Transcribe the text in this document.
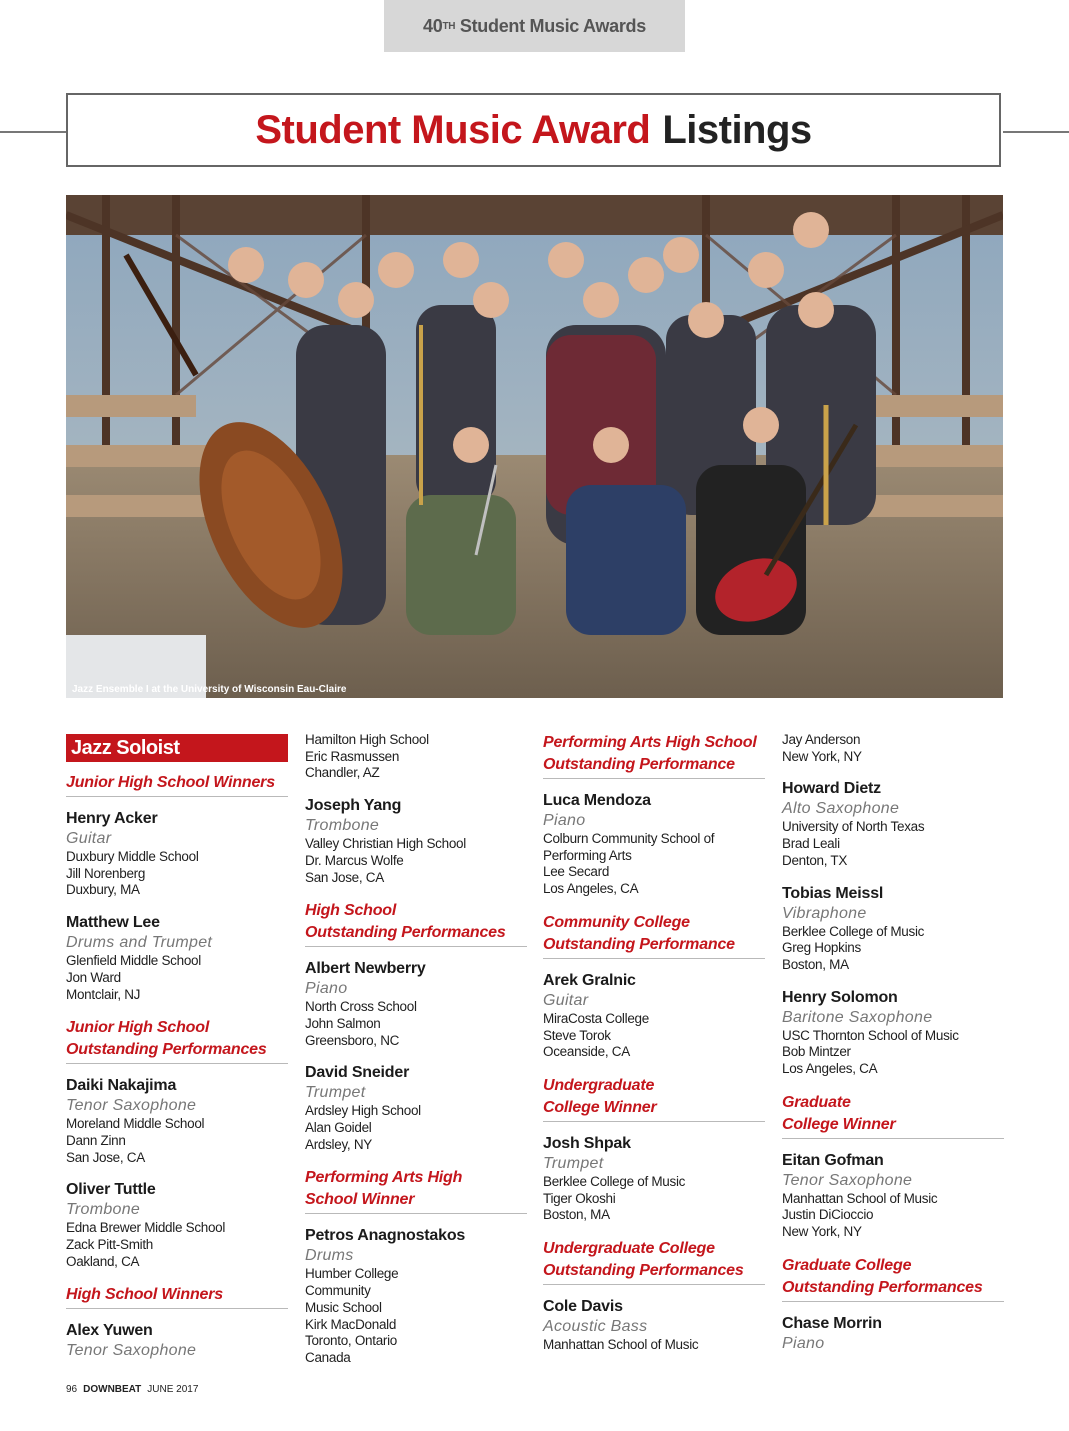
40 TH Student Music Awards
Student Music Award Listings
Jazz Ensemble I at the University of Wisconsin Eau-Claire
Jazz Soloist
Junior High School Winners
Henry Acker
Guitar
Duxbury Middle School
Jill Norenberg
Duxbury, MA
Matthew Lee
Drums and Trumpet
Glenfield Middle School
Jon Ward
Montclair, NJ
Junior High School
Outstanding Performances
Daiki Nakajima
Tenor Saxophone
Moreland Middle School
Dann Zinn
San Jose, CA
Oliver Tuttle
Trombone
Edna Brewer Middle School
Zack Pitt-Smith
Oakland, CA
High School Winners
Alex Yuwen
Tenor Saxophone
Hamilton High School
Eric Rasmussen
Chandler, AZ
Joseph Yang
Trombone
Valley Christian High School
Dr. Marcus Wolfe
San Jose, CA
High School
Outstanding Performances
Albert Newberry
Piano
North Cross School
John Salmon
Greensboro, NC
David Sneider
Trumpet
Ardsley High School
Alan Goidel
Ardsley, NY
Performing Arts High
School Winner
Petros Anagnostakos
Drums
Humber College
Community
Music School
Kirk MacDonald
Toronto, Ontario
Canada
Performing Arts High School
Outstanding Performance
Luca Mendoza
Piano
Colburn Community School of
Performing Arts
Lee Secard
Los Angeles, CA
Community College
Outstanding Performance
Arek Gralnic
Guitar
MiraCosta College
Steve Torok
Oceanside, CA
Undergraduate
College Winner
Josh Shpak
Trumpet
Berklee College of Music
Tiger Okoshi
Boston, MA
Undergraduate College
Outstanding Performances
Cole Davis
Acoustic Bass
Manhattan School of Music
Jay Anderson
New York, NY
Howard Dietz
Alto Saxophone
University of North Texas
Brad Leali
Denton, TX
Tobias Meissl
Vibraphone
Berklee College of Music
Greg Hopkins
Boston, MA
Henry Solomon
Baritone Saxophone
USC Thornton School of Music
Bob Mintzer
Los Angeles, CA
Graduate
College Winner
Eitan Gofman
Tenor Saxophone
Manhattan School of Music
Justin DiCioccio
New York, NY
Graduate College
Outstanding Performances
Chase Morrin
Piano
96 DOWNBEAT JUNE 2017
